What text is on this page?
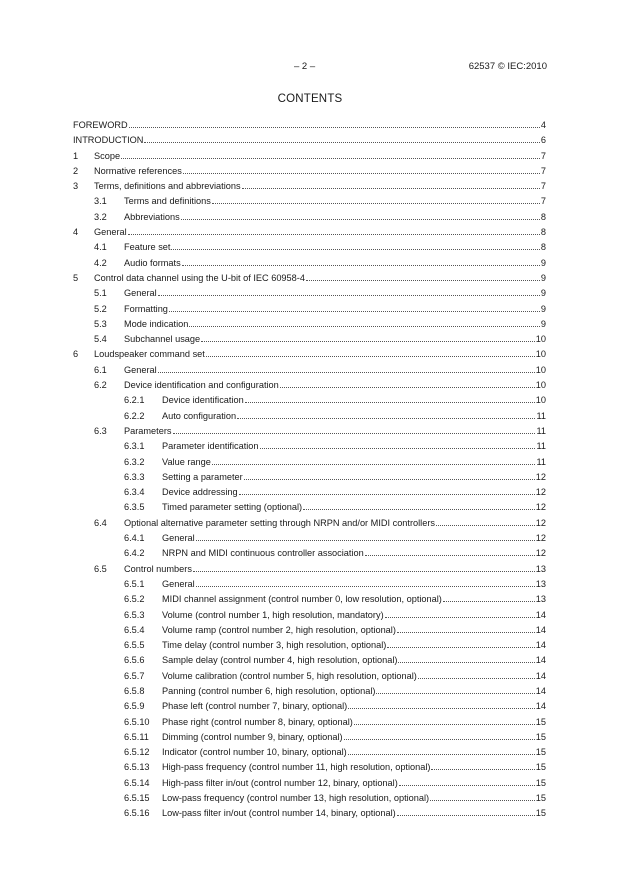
– 2 –	62537 © IEC:2010
CONTENTS
FOREWORD	4
INTRODUCTION	6
1 Scope	7
2 Normative references	7
3 Terms, definitions and abbreviations	7
3.1 Terms and definitions	7
3.2 Abbreviations	8
4 General	8
4.1 Feature set	8
4.2 Audio formats	9
5 Control data channel using the U-bit of IEC 60958-4	9
5.1 General	9
5.2 Formatting	9
5.3 Mode indication	9
5.4 Subchannel usage	10
6 Loudspeaker command set	10
6.1 General	10
6.2 Device identification and configuration	10
6.2.1 Device identification	10
6.2.2 Auto configuration	11
6.3 Parameters	11
6.3.1 Parameter identification	11
6.3.2 Value range	11
6.3.3 Setting a parameter	12
6.3.4 Device addressing	12
6.3.5 Timed parameter setting (optional)	12
6.4 Optional alternative parameter setting through NRPN and/or MIDI controllers	12
6.4.1 General	12
6.4.2 NRPN and MIDI continuous controller association	12
6.5 Control numbers	13
6.5.1 General	13
6.5.2 MIDI channel assignment (control number 0, low resolution, optional)	13
6.5.3 Volume (control number 1, high resolution, mandatory)	14
6.5.4 Volume ramp (control number 2, high resolution, optional)	14
6.5.5 Time delay (control number 3, high resolution, optional)	14
6.5.6 Sample delay (control number 4, high resolution, optional)	14
6.5.7 Volume calibration (control number 5, high resolution, optional)	14
6.5.8 Panning (control number 6, high resolution, optional)	14
6.5.9 Phase left (control number 7, binary, optional)	14
6.5.10 Phase right (control number 8, binary, optional)	15
6.5.11 Dimming (control number 9, binary, optional)	15
6.5.12 Indicator (control number 10, binary, optional)	15
6.5.13 High-pass frequency (control number 11, high resolution, optional)	15
6.5.14 High-pass filter in/out (control number 12, binary, optional)	15
6.5.15 Low-pass frequency (control number 13, high resolution, optional)	15
6.5.16 Low-pass filter in/out (control number 14, binary, optional)	15
